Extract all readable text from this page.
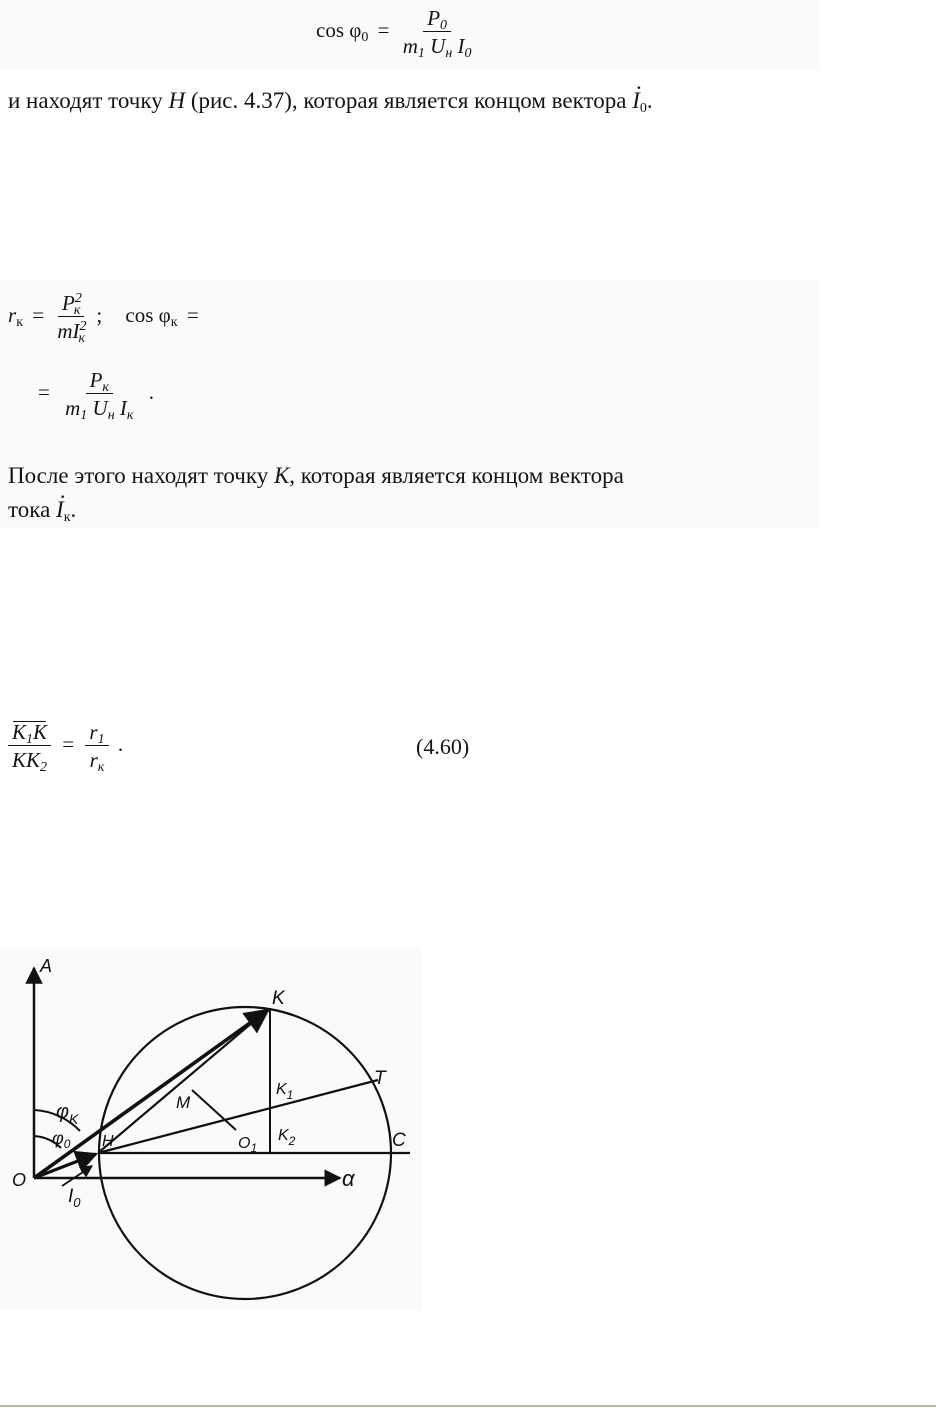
$\cos \varphi 0 = \frac{P0}{\text{m1 Uн I0}}$
и находят точку H (рис. 4.37), которая является концом вектора · I0.
rк = $\frac{P^2к}{mI^2к}$ ; cos φк =
= $\frac{Pк}{\text{m1 Uн Iк}}$ .
После этого находят точку K, которая является концом вектора
тока · Iк.
$\frac{K1K}{KK2} = \frac{r1}{rк}$ .	(4.60)
A
K
T
M
$K_1$
$\varphi_K$
$\varphi_0$ H	$O_1$
$K_2$	C
O
$I_0$
α
